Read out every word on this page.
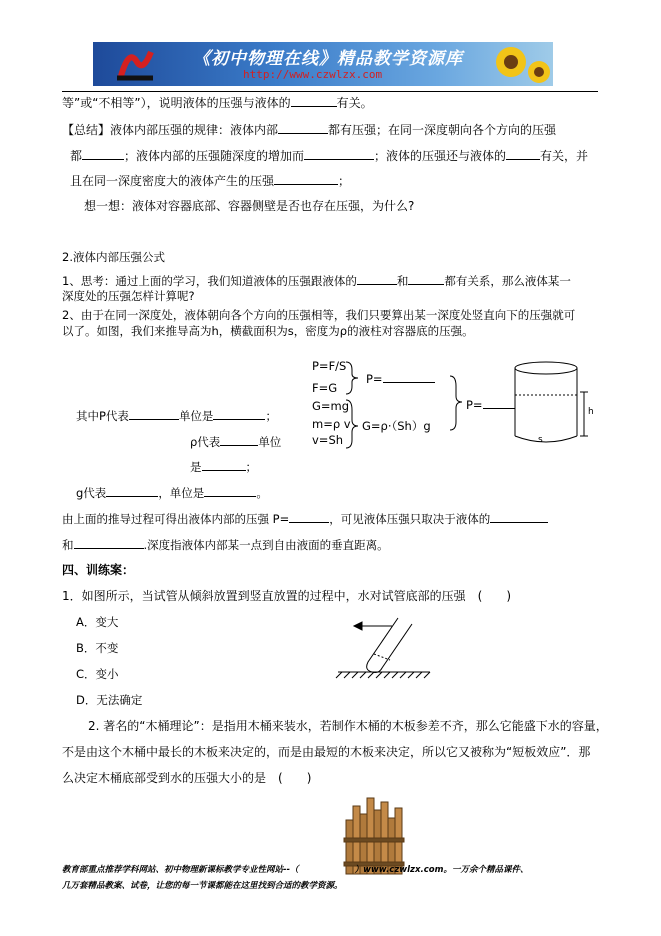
《初中物理在线》精品教学资源库
http://www.czwlzx.com
等”或“不相等”），说明液体的压强与液体的	有关。
【总结】液体内部压强的规律：液体内部	都有压强；在同一深度朝向各个方向的压强
都	；液体内部的压强随深度的增加而	；液体的压强还与液体的	有关，并
且在同一深度密度大的液体产生的压强	；
想一想：液体对容器底部、容器侧壁是否也存在压强，为什么?
2.液体内部压强公式
1、思考：通过上面的学习，我们知道液体的压强跟液体的	和	都有关系，那么液体某一
深度处的压强怎样计算呢?
2、由于在同一深度处，液体朝向各个方向的压强相等，我们只要算出某一深度处竖直向下的压强就可
以了。如图，我们来推导高为h，横截面积为s，密度为ρ的液柱对容器底的压强。
P=F/S
F=G
G=mg
m=ρ v
v=Sh
P=
G=ρ·（Sh）g
P=	h
s
其中P代表	单位是	；
ρ代表	单位
是	；
g代表	，单位是	。
由上面的推导过程可得出液体内部的压强 P=	，可见液体压强只取决于液体的
和	.深度指液体内部某一点到自由液面的垂直距离。
四、训练案：
1．如图所示，当试管从倾斜放置到竖直放置的过程中，水对试管底部的压强 (　　)
A．变大
B．不变
C．变小
D．无法确定
2. 著名的“木桶理论”：是指用木桶来装水，若制作木桶的木板参差不齐，那么它能盛下水的容量，
不是由这个木桶中最长的木板来决定的，而是由最短的木板来决定，所以它又被称为“短板效应”．那
么决定木桶底部受到水的压强大小的是 (　　)
教育部重点推荐学科网站、初中物理新课标教学专业性网站--（	）www.czwlzx.com。一万余个精品课件、
几万套精品教案、试卷，让您的每一节课都能在这里找到合适的教学资源。
